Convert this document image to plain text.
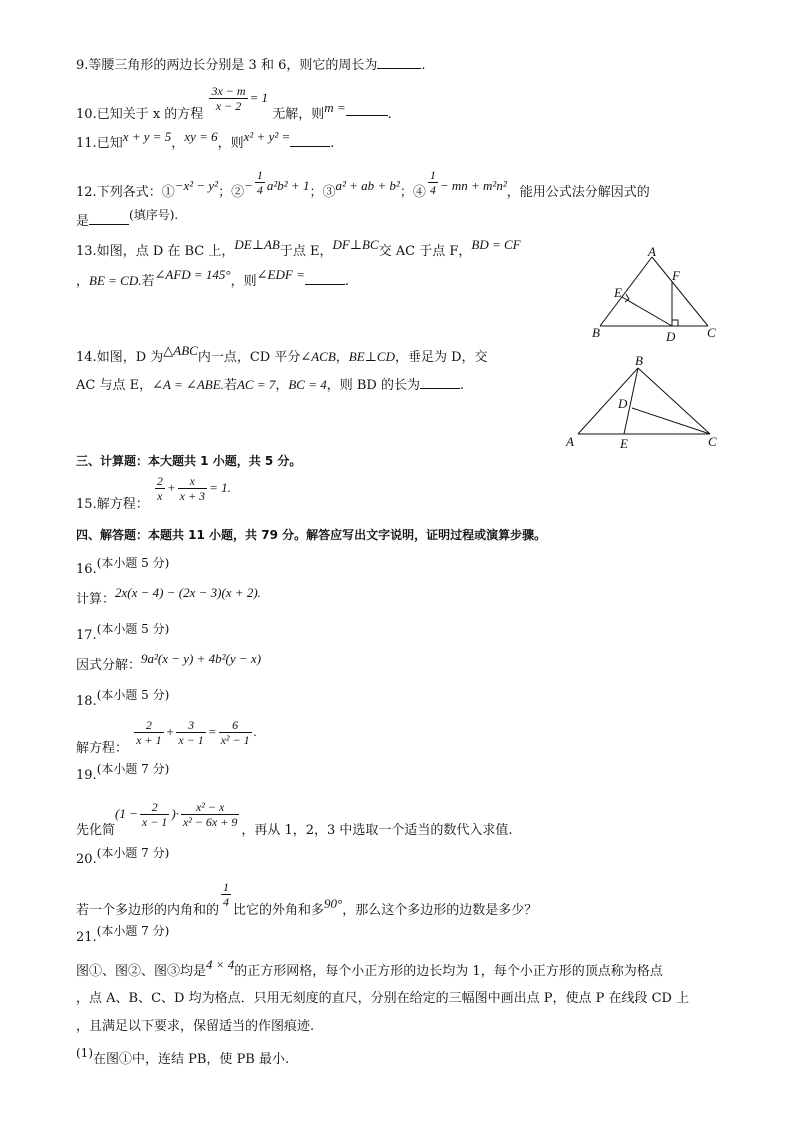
9.等腰三角形的两边长分别是 3 和 6，则它的周长为	.
10.已知关于 x 的方程
$\frac{3x - m}{x - 2} = 1$ 无解，则m =	.
11.已知x + y = 5，xy = 6，则x² + y² =	.
12.下列各式：①−x² − y²；②− $\frac{1}{4} a^2b^2 + 1$；③a² + ab + b²；④ $\frac{1}{4}$ − mn + m²n²，能用公式法分解因式的
是	(填序号).
13.如图，点 D 在 BC 上，DE⊥AB于点 E，DF⊥BC交 AC 于点 F，BD = CF
，BE = CD.若∠AFD = 145°，则∠EDF =	.
A
F
E
B	D C
14.如图，D 为△ABC内一点，CD 平分∠ACB，BE⊥CD，垂足为 D，交
AC 与点 E，∠A = ∠ABE.若AC = 7，BC = 4，则 BD 的长为	.
B
D
A	E	C
三、计算题：本大题共 1 小题，共 5 分。
15.解方程：
$\frac{2}{x} + \frac{x}{x + 3} = 1$.
四、解答题：本题共 11 小题，共 79 分。解答应写出文字说明，证明过程或演算步骤。
16.(本小题 5 分)
计算：2x(x − 4) − (2x − 3)(x + 2).
17.(本小题 5 分)
因式分解：9a²(x − y) + 4b²(y − x)
18.(本小题 5 分)
解方程：
$\frac{2}{x + 1} + \frac{3}{x - 1} = \frac{6}{\text{x² − 1}}$ .
19.(本小题 7 分)
先化简($1 - \frac{2}{x - 1}$ )· $\frac{\text{x² − x}}{\text{x² − 6x + 9}}$
，再从 1，2，3 中选取一个适当的数代入求值.
20.(本小题 7 分)
若一个多边形的内角和的
$\frac{1}{4}$
比它的外角和多90°，那么这个多边形的边数是多少？
21.(本小题 7 分)
图①、图②、图③均是4 × 4的正方形网格，每个小正方形的边长均为 1，每个小正方形的顶点称为格点
，点 A、B、C、D 均为格点．只用无刻度的直尺，分别在给定的三幅图中画出点 P，使点 P 在线段 CD 上
，且满足以下要求，保留适当的作图痕迹.
(1)在图①中，连结 PB，使 PB 最小.
